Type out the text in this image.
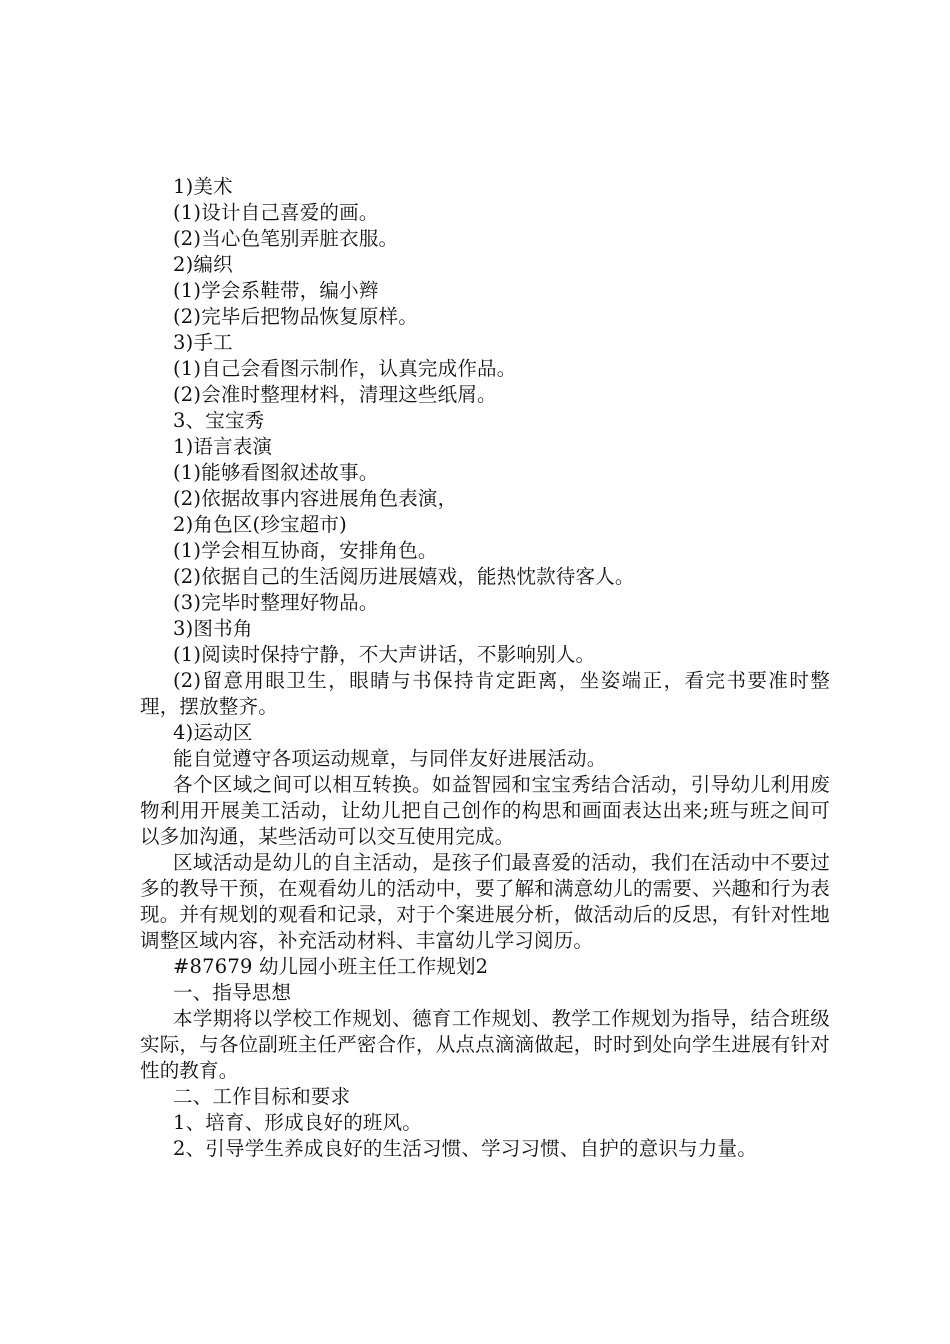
1)美术

(1)设计自己喜爱的画。

(2)当心色笔别弄脏衣服。

2)编织

(1)学会系鞋带，编小辫

(2)完毕后把物品恢复原样。

3)手工

(1)自己会看图示制作，认真完成作品。

(2)会准时整理材料，清理这些纸屑。

3、宝宝秀

1)语言表演

(1)能够看图叙述故事。

(2)依据故事内容进展角色表演，

2)角色区(珍宝超市)

(1)学会相互协商，安排角色。

(2)依据自己的生活阅历进展嬉戏，能热忱款待客人。

(3)完毕时整理好物品。

3)图书角

(1)阅读时保持宁静，不大声讲话，不影响别人。

(2)留意用眼卫生，眼睛与书保持肯定距离，坐姿端正，看完书要准时整理，摆放整齐。

4)运动区

能自觉遵守各项运动规章，与同伴友好进展活动。

各个区域之间可以相互转换。如益智园和宝宝秀结合活动，引导幼儿利用废物利用开展美工活动，让幼儿把自己创作的构思和画面表达出来;班与班之间可以多加沟通，某些活动可以交互使用完成。

区域活动是幼儿的自主活动，是孩子们最喜爱的活动，我们在活动中不要过多的教导干预，在观看幼儿的活动中，要了解和满意幼儿的需要、兴趣和行为表现。并有规划的观看和记录，对于个案进展分析，做活动后的反思，有针对性地调整区域内容，补充活动材料、丰富幼儿学习阅历。

#87679 幼儿园小班主任工作规划2

一、指导思想

本学期将以学校工作规划、德育工作规划、教学工作规划为指导，结合班级实际，与各位副班主任严密合作，从点点滴滴做起，时时到处向学生进展有针对性的教育。

二、工作目标和要求

1、培育、形成良好的班风。

2、引导学生养成良好的生活习惯、学习习惯、自护的意识与力量。
